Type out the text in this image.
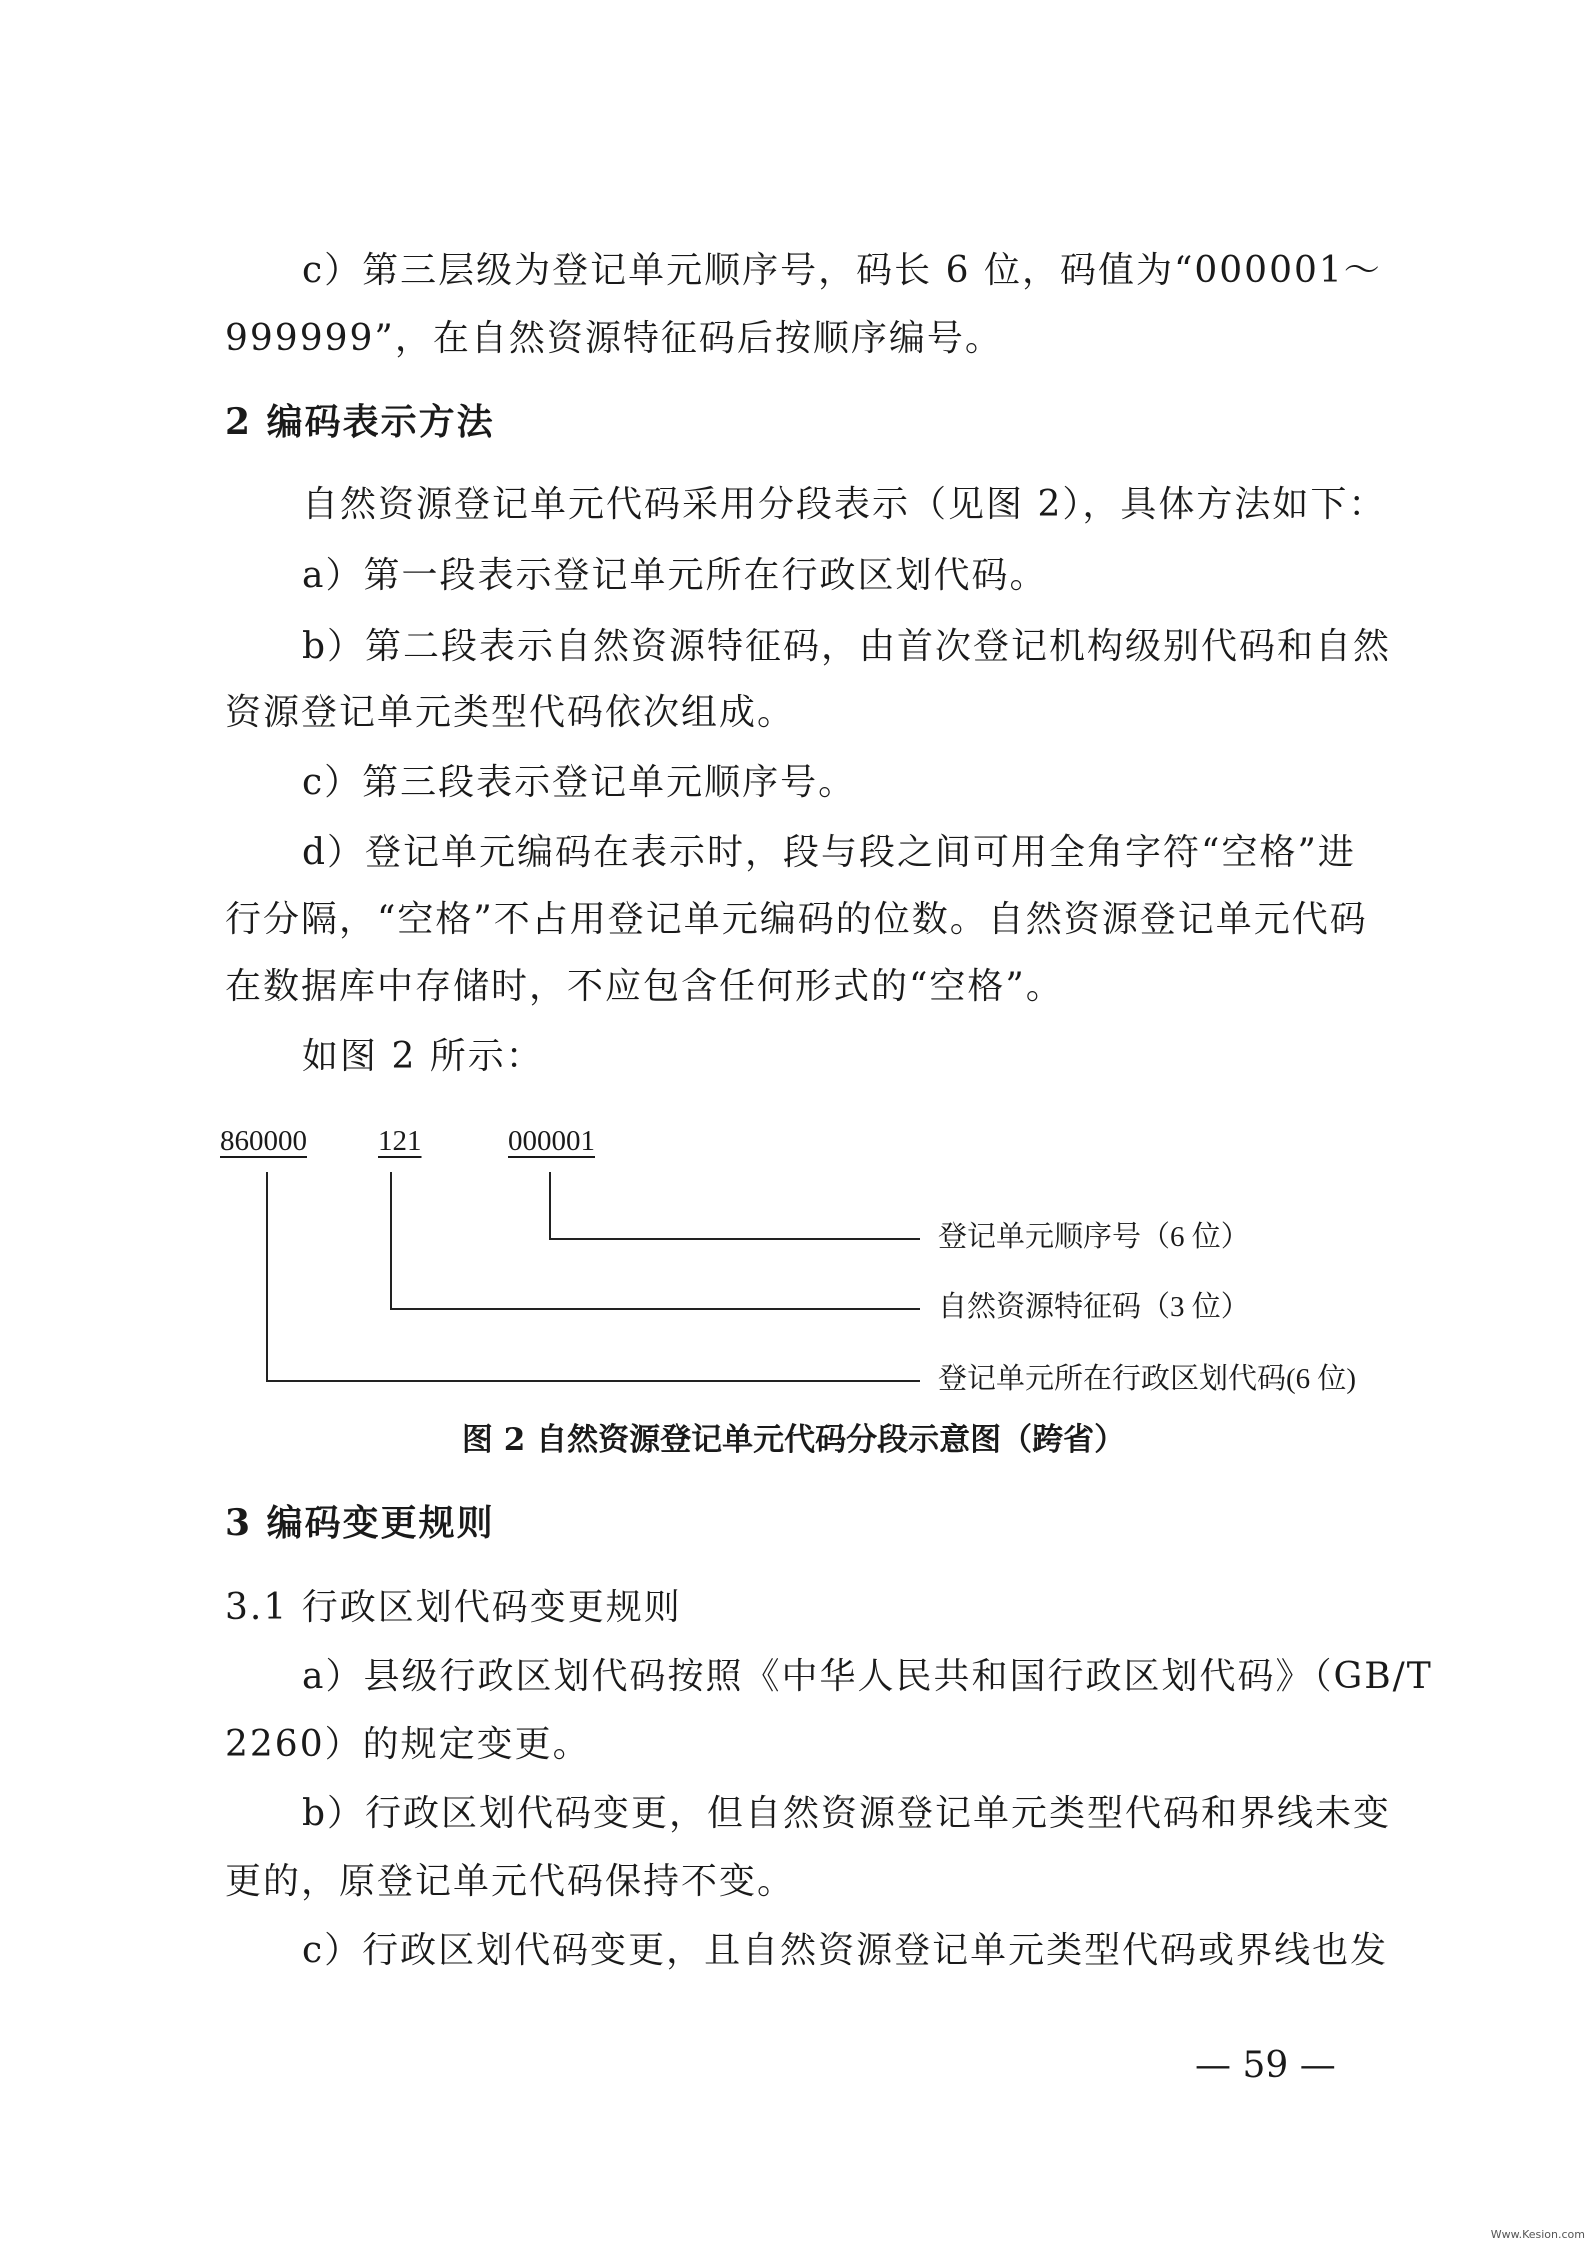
c）第三层级为登记单元顺序号，码长 6 位，码值为“000001～
999999”，在自然资源特征码后按顺序编号。
2 编码表示方法
自然资源登记单元代码采用分段表示（见图 2），具体方法如下：
a）第一段表示登记单元所在行政区划代码。
b）第二段表示自然资源特征码，由首次登记机构级别代码和自然
资源登记单元类型代码依次组成。
c）第三段表示登记单元顺序号。
d）登记单元编码在表示时，段与段之间可用全角字符“空格”进
行分隔，“空格”不占用登记单元编码的位数。自然资源登记单元代码
在数据库中存储时，不应包含任何形式的“空格”。
如图 2 所示：
860000 121	000001
登记单元顺序号（6 位）
自然资源特征码（3 位）
登记单元所在行政区划代码(6 位)
图 2 自然资源登记单元代码分段示意图（跨省）
3 编码变更规则
3.1 行政区划代码变更规则
a）县级行政区划代码按照《中华人民共和国行政区划代码》（GB/T
2260）的规定变更。
b）行政区划代码变更，但自然资源登记单元类型代码和界线未变
更的，原登记单元代码保持不变。
c）行政区划代码变更，且自然资源登记单元类型代码或界线也发
— 59 —
Www.Kesion.com
